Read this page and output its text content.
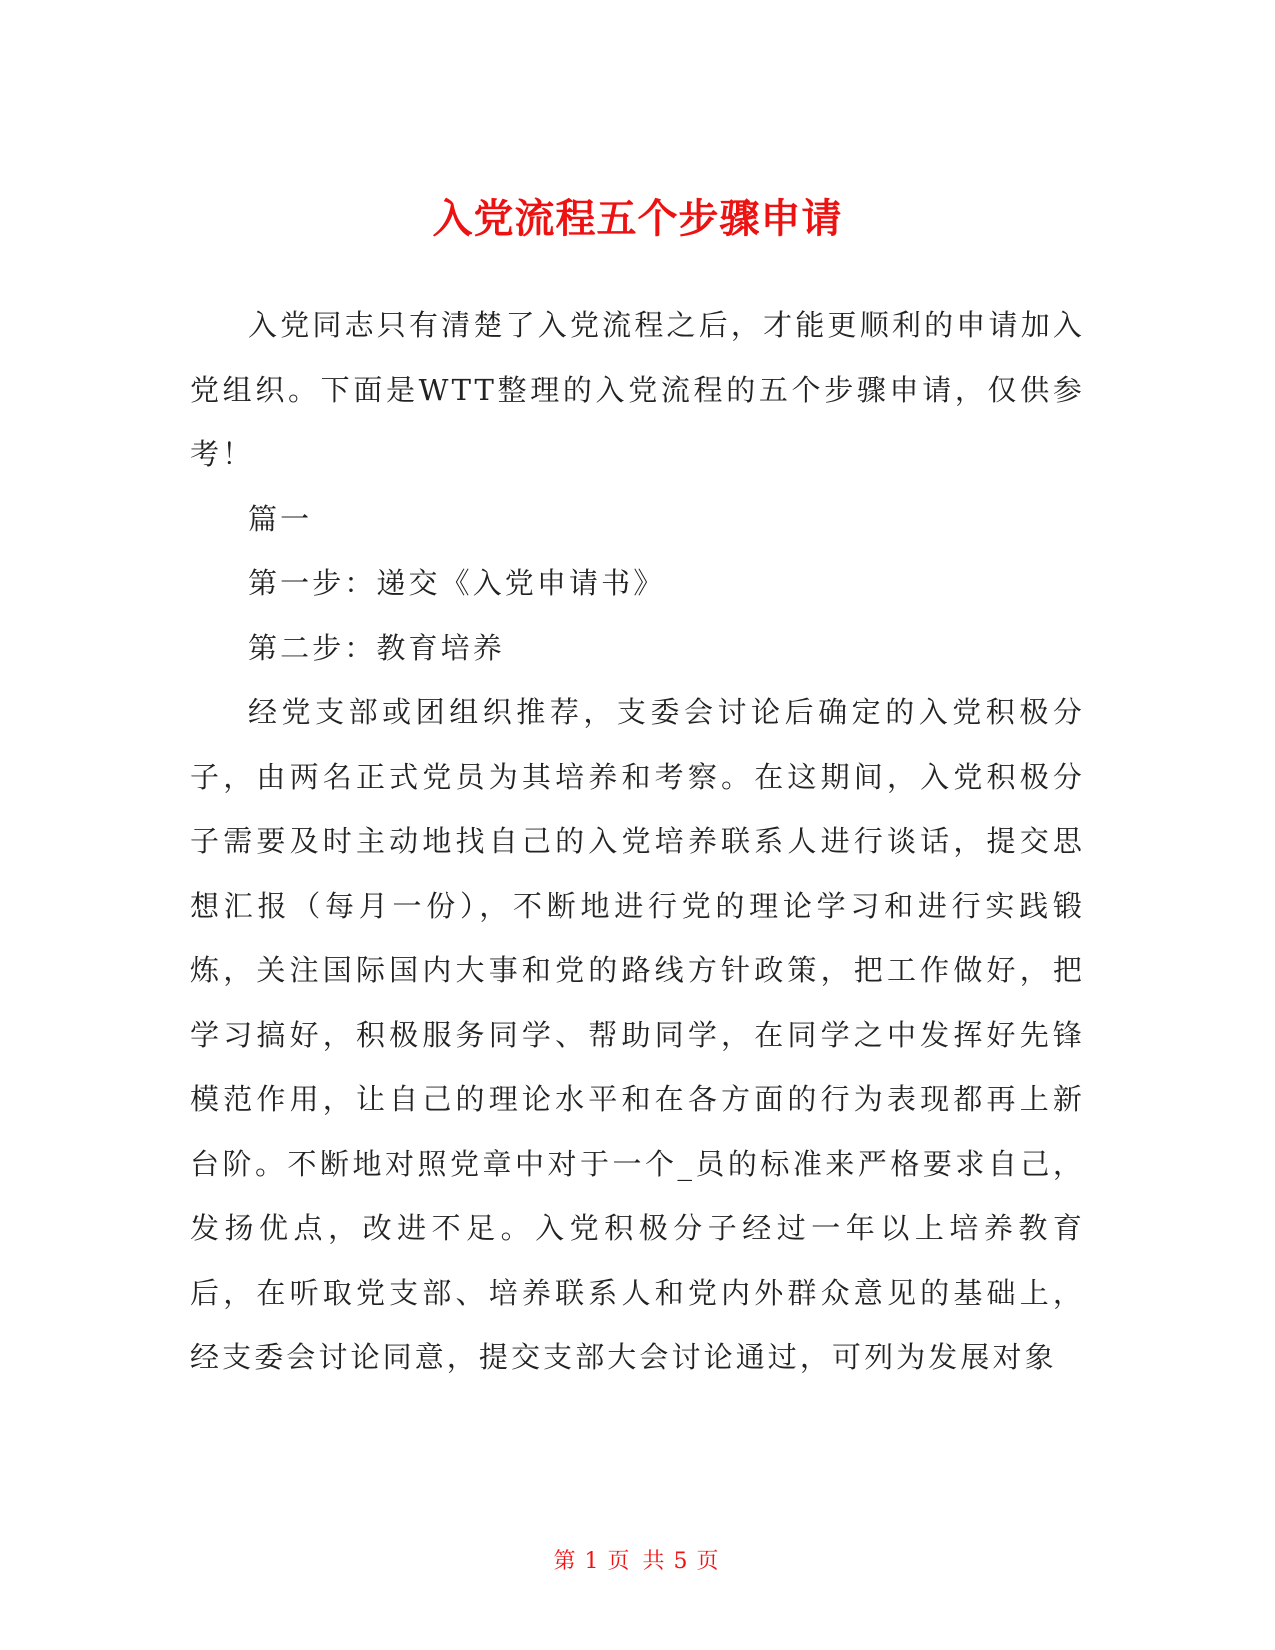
入党流程五个步骤申请

入党同志只有清楚了入党流程之后，才能更顺利的申请加入党组织。下面是WTT整理的入党流程的五个步骤申请，仅供参考！

篇一

第一步：递交《入党申请书》

第二步：教育培养

经党支部或团组织推荐，支委会讨论后确定的入党积极分子，由两名正式党员为其培养和考察。在这期间，入党积极分子需要及时主动地找自己的入党培养联系人进行谈话，提交思想汇报（每月一份），不断地进行党的理论学习和进行实践锻炼，关注国际国内大事和党的路线方针政策，把工作做好，把学习搞好，积极服务同学、帮助同学，在同学之中发挥好先锋模范作用，让自己的理论水平和在各方面的行为表现都再上新台阶。不断地对照党章中对于一个_员的标准来严格要求自己，发扬优点，改进不足。入党积极分子经过一年以上培养教育后，在听取党支部、培养联系人和党内外群众意见的基础上，经支委会讨论同意，提交支部大会讨论通过，可列为发展对象

第 1 页 共 5 页
